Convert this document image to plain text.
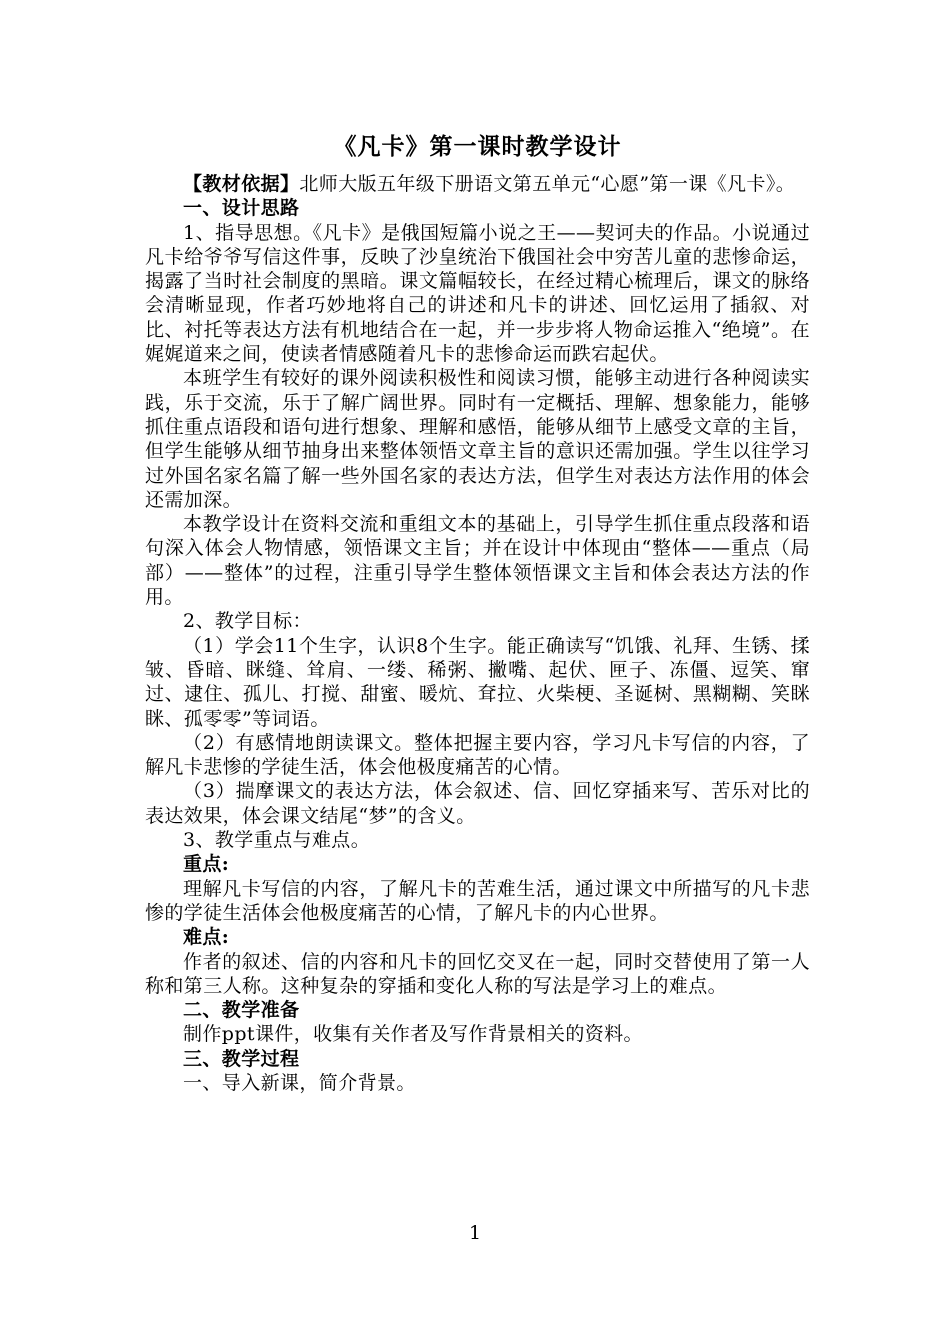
《凡卡》第一课时教学设计

【教材依据】北师大版五年级下册语文第五单元“心愿”第一课《凡卡》。

一、设计思路

1、指导思想。《凡卡》是俄国短篇小说之王——契诃夫的作品。小说通过凡卡给爷爷写信这件事，反映了沙皇统治下俄国社会中穷苦儿童的悲惨命运，揭露了当时社会制度的黑暗。课文篇幅较长，在经过精心梳理后，课文的脉络会清晰显现，作者巧妙地将自己的讲述和凡卡的讲述、回忆运用了插叙、对比、衬托等表达方法有机地结合在一起，并一步步将人物命运推入“绝境”。在娓娓道来之间，使读者情感随着凡卡的悲惨命运而跌宕起伏。

本班学生有较好的课外阅读积极性和阅读习惯，能够主动进行各种阅读实践，乐于交流，乐于了解广阔世界。同时有一定概括、理解、想象能力，能够抓住重点语段和语句进行想象、理解和感悟，能够从细节上感受文章的主旨，但学生能够从细节抽身出来整体领悟文章主旨的意识还需加强。学生以往学习过外国名家名篇了解一些外国名家的表达方法，但学生对表达方法作用的体会还需加深。

本教学设计在资料交流和重组文本的基础上，引导学生抓住重点段落和语句深入体会人物情感，领悟课文主旨；并在设计中体现由“整体——重点（局部）——整体”的过程，注重引导学生整体领悟课文主旨和体会表达方法的作用。

2、教学目标：

（1）学会11个生字，认识8个生字。能正确读写“饥饿、礼拜、生锈、揉皱、昏暗、眯缝、耸肩、一缕、稀粥、撇嘴、起伏、匣子、冻僵、逗笑、窜过、逮住、孤儿、打搅、甜蜜、暖炕、耷拉、火柴梗、圣诞树、黑糊糊、笑眯眯、孤零零”等词语。

（2）有感情地朗读课文。整体把握主要内容，学习凡卡写信的内容，了解凡卡悲惨的学徒生活，体会他极度痛苦的心情。

（3）揣摩课文的表达方法，体会叙述、信、回忆穿插来写、苦乐对比的表达效果，体会课文结尾“梦”的含义。

3、教学重点与难点。

重点:

理解凡卡写信的内容，了解凡卡的苦难生活，通过课文中所描写的凡卡悲惨的学徒生活体会他极度痛苦的心情，了解凡卡的内心世界。

难点:

作者的叙述、信的内容和凡卡的回忆交叉在一起，同时交替使用了第一人称和第三人称。这种复杂的穿插和变化人称的写法是学习上的难点。

二、教学准备

制作ppt课件，收集有关作者及写作背景相关的资料。

三、教学过程

一、导入新课，简介背景。

1
